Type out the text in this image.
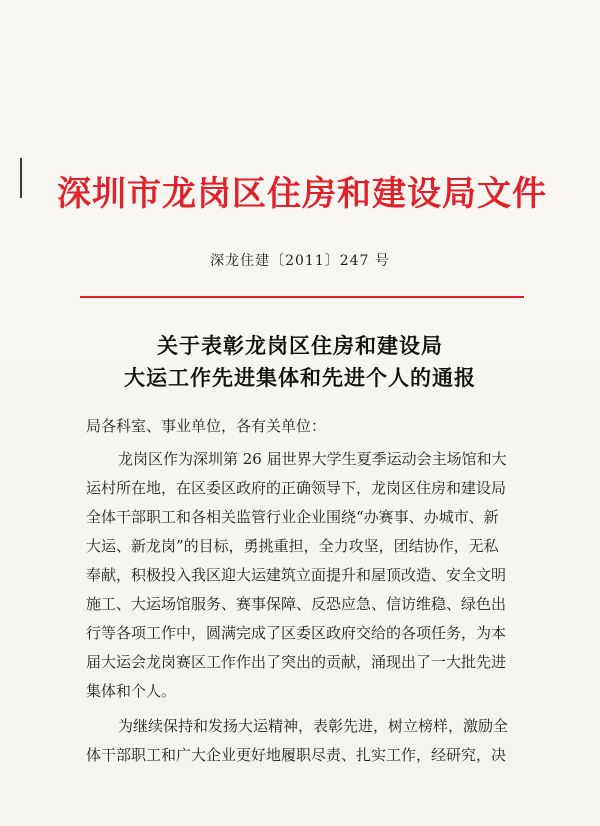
深圳市龙岗区住房和建设局文件
深龙住建〔2011〕247 号
关于表彰龙岗区住房和建设局
大运工作先进集体和先进个人的通报
局各科室、事业单位，各有关单位：
龙岗区作为深圳第 26 届世界大学生夏季运动会主场馆和大
运村所在地，在区委区政府的正确领导下，龙岗区住房和建设局
全体干部职工和各相关监管行业企业围绕“办赛事、办城市、新
大运、新龙岗”的目标，勇挑重担，全力攻坚，团结协作，无私
奉献，积极投入我区迎大运建筑立面提升和屋顶改造、安全文明
施工、大运场馆服务、赛事保障、反恐应急、信访维稳、绿色出
行等各项工作中，圆满完成了区委区政府交给的各项任务，为本
届大运会龙岗赛区工作作出了突出的贡献，涌现出了一大批先进
集体和个人。
为继续保持和发扬大运精神，表彰先进，树立榜样，激励全
体干部职工和广大企业更好地履职尽责、扎实工作，经研究，决
